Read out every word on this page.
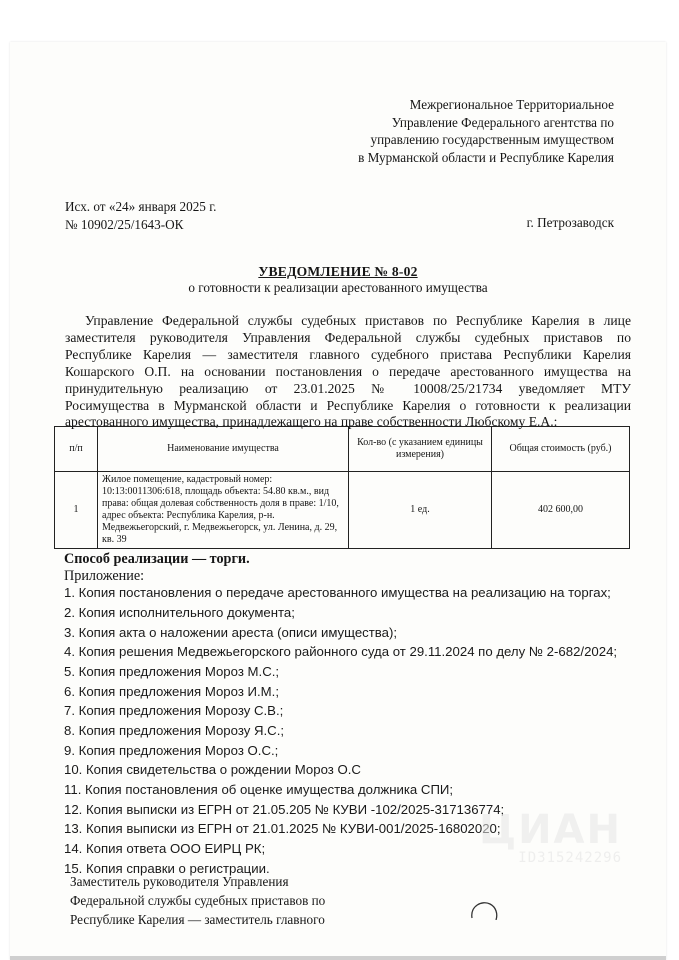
Межрегиональное Территориальное
Управление Федерального агентства по
управлению государственным имуществом
в Мурманской области и Республике Карелия
Исх. от «24» января 2025 г.
№ 10902/25/1643-ОК	г. Петрозаводск
УВЕДОМЛЕНИЕ № 8-02
о готовности к реализации арестованного имущества
Управление Федеральной службы судебных приставов по Республике Карелия в лице
заместителя руководителя Управления Федеральной службы судебных приставов по
Республике Карелия — заместителя главного судебного пристава Республики Карелия
Кошарского О.П. на основании постановления о передаче арестованного имущества на
принудительную реализацию от 23.01.2025 № 10008/25/21734 уведомляет МТУ
Росимущества в Мурманской области и Республике Карелия о готовности к реализации
арестованного имущества, принадлежащего на праве собственности Любскому Е.А.:
п/п	Наименование имущества	Кол-во (с указанием единицы измерения)	Общая стоимость (руб.)
1	Жилое помещение, кадастровый номер: 10:13:0011306:618, площадь объекта: 54.80 кв.м., вид права: общая долевая собственность доля в праве: 1/10, адрес объекта: Республика Карелия, р-н. Медвежьегорский, г. Медвежьегорск, ул. Ленина, д. 29, кв. 39	1 ед.	402 600,00
Способ реализации — торги.
Приложение:
1. Копия постановления о передаче арестованного имущества на реализацию на торгах;
2. Копия исполнительного документа;
3. Копия акта о наложении ареста (описи имущества);
4. Копия решения Медвежьегорского районного суда от 29.11.2024 по делу № 2-682/2024;
5. Копия предложения Мороз М.С.;
6. Копия предложения Мороз И.М.;
7. Копия предложения Морозу С.В.;
8. Копия предложения Морозу Я.С.;
9. Копия предложения Мороз О.С.;
10. Копия свидетельства о рождении Мороз О.С
11. Копия постановления об оценке имущества должника СПИ;
12. Копия выписки из ЕГРН от 21.05.205 № КУВИ -102/2025-317136774;
13. Копия выписки из ЕГРН от 21.01.2025 № КУВИ-001/2025-16802020;
14. Копия ответа ООО ЕИРЦ РК;
15. Копия справки о регистрации.
ЦИАН
ID315242296
Заместитель руководителя Управления
Федеральной службы судебных приставов по
Республике Карелия — заместитель главного
